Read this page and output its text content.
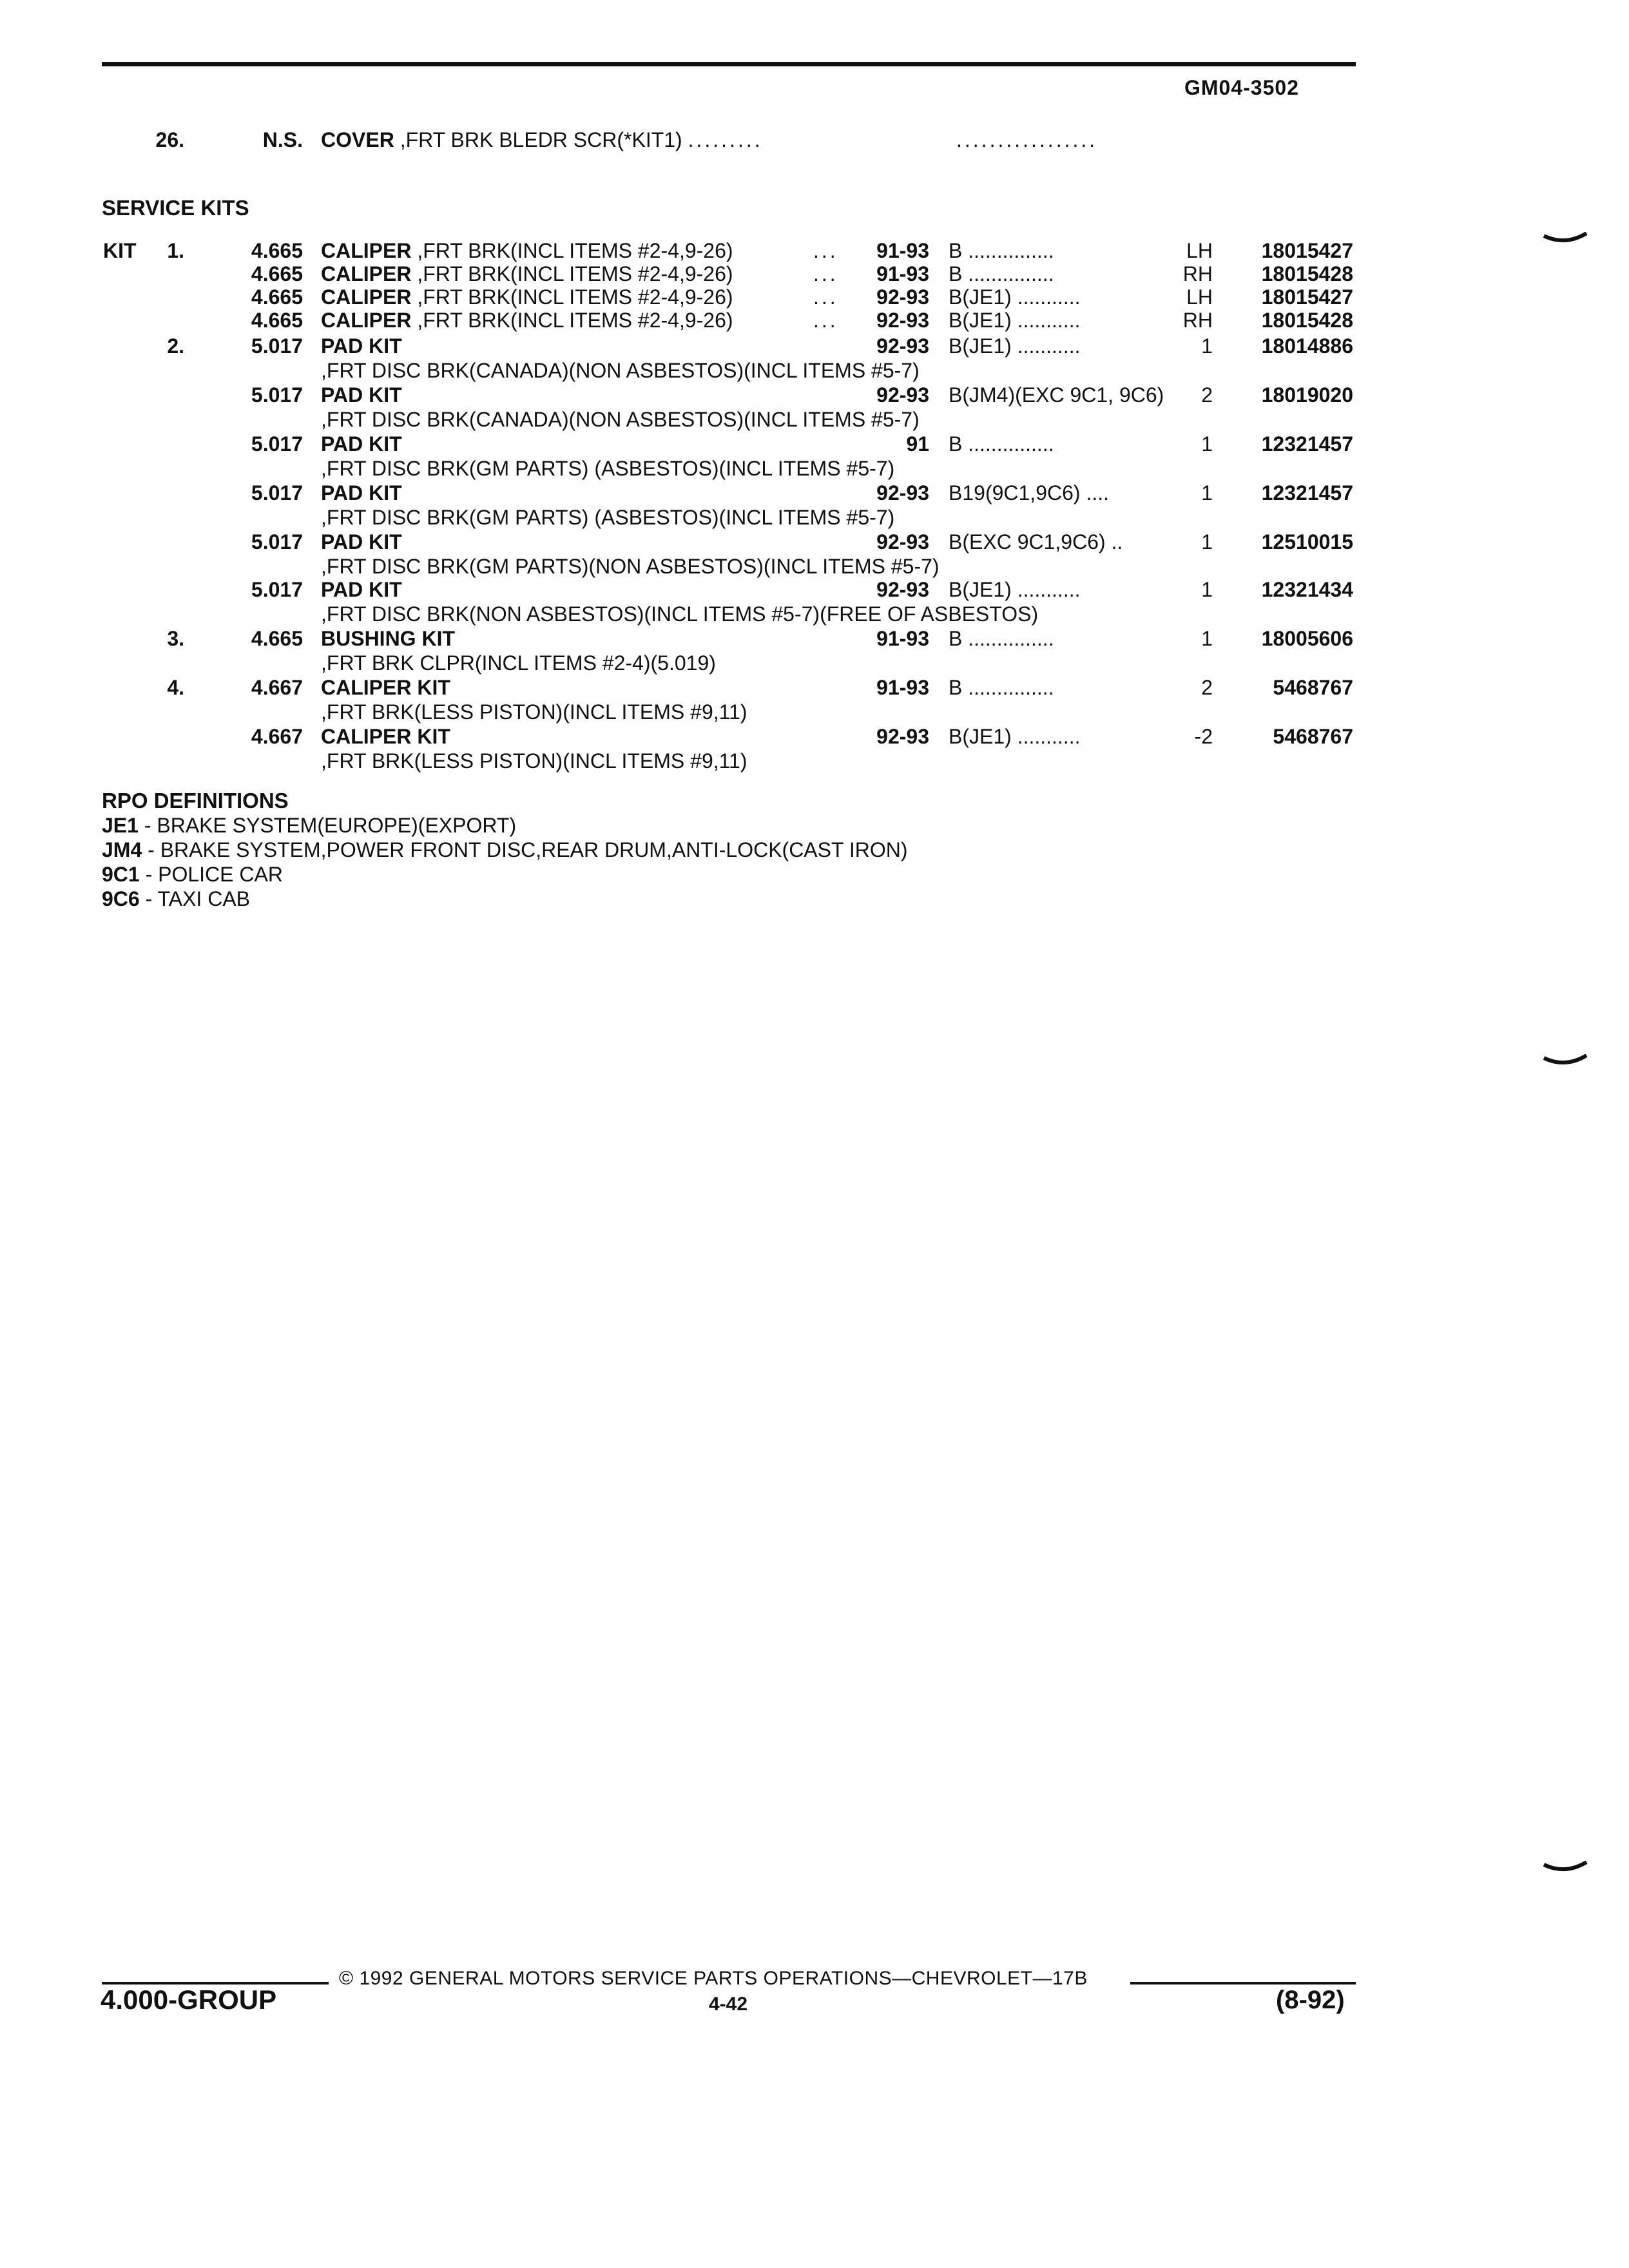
GM04-3502
26.	N.S. COVER ,FRT BRK BLEDR SCR(*KIT1) .........	.................
SERVICE KITS
KIT	1.	4.665 CALIPER ,FRT BRK(INCL ITEMS #2-4,9-26)	...	91-93 B ...............	LH	18015427
4.665 CALIPER ,FRT BRK(INCL ITEMS #2-4,9-26)	...	91-93 B ...............	RH	18015428
4.665 CALIPER ,FRT BRK(INCL ITEMS #2-4,9-26)	...	92-93 B(JE1) ...........	LH	18015427
4.665 CALIPER ,FRT BRK(INCL ITEMS #2-4,9-26)	...	92-93 B(JE1) ...........	RH	18015428
2.	5.017 PAD KIT ,FRT DISC BRK(CANADA)(NON ASBESTOS)(INCL ITEMS #5-7)
92-93 B(JE1) ...........	1	18014886
5.017 PAD KIT ,FRT DISC BRK(CANADA)(NON ASBESTOS)(INCL ITEMS #5-7)
92-93 B(JM4)(EXC 9C1, 9C6)	2	18019020
5.017 PAD KIT ,FRT DISC BRK(GM PARTS) (ASBESTOS)(INCL ITEMS #5-7)
91 B ...............	1	12321457
5.017 PAD KIT ,FRT DISC BRK(GM PARTS) (ASBESTOS)(INCL ITEMS #5-7)
92-93 B19(9C1,9C6) ....	1	12321457
5.017 PAD KIT ,FRT DISC BRK(GM PARTS)(NON ASBESTOS)(INCL ITEMS #5-7)
92-93 B(EXC 9C1,9C6) ..	1	12510015
5.017 PAD KIT ,FRT DISC BRK(NON ASBESTOS)(INCL ITEMS #5-7)(FREE OF ASBESTOS)
92-93 B(JE1) ...........	1	12321434
3.	4.665 BUSHING KIT ,FRT BRK CLPR(INCL ITEMS #2-4)(5.019)
91-93 B ...............	1	18005606
4.	4.667 CALIPER KIT ,FRT BRK(LESS PISTON)(INCL ITEMS #9,11)
91-93 B ...............	2	5468767
4.667 CALIPER KIT ,FRT BRK(LESS PISTON)(INCL ITEMS #9,11)
92-93 B(JE1) ...........	-2	5468767
RPO DEFINITIONS
JE1 - BRAKE SYSTEM(EUROPE)(EXPORT)
JM4 - BRAKE SYSTEM,POWER FRONT DISC,REAR DRUM,ANTI-LOCK(CAST IRON)
9C1 - POLICE CAR
9C6 - TAXI CAB
© 1992 GENERAL MOTORS SERVICE PARTS OPERATIONS—CHEVROLET—17B
4.000-GROUP	4-42	(8-92)
